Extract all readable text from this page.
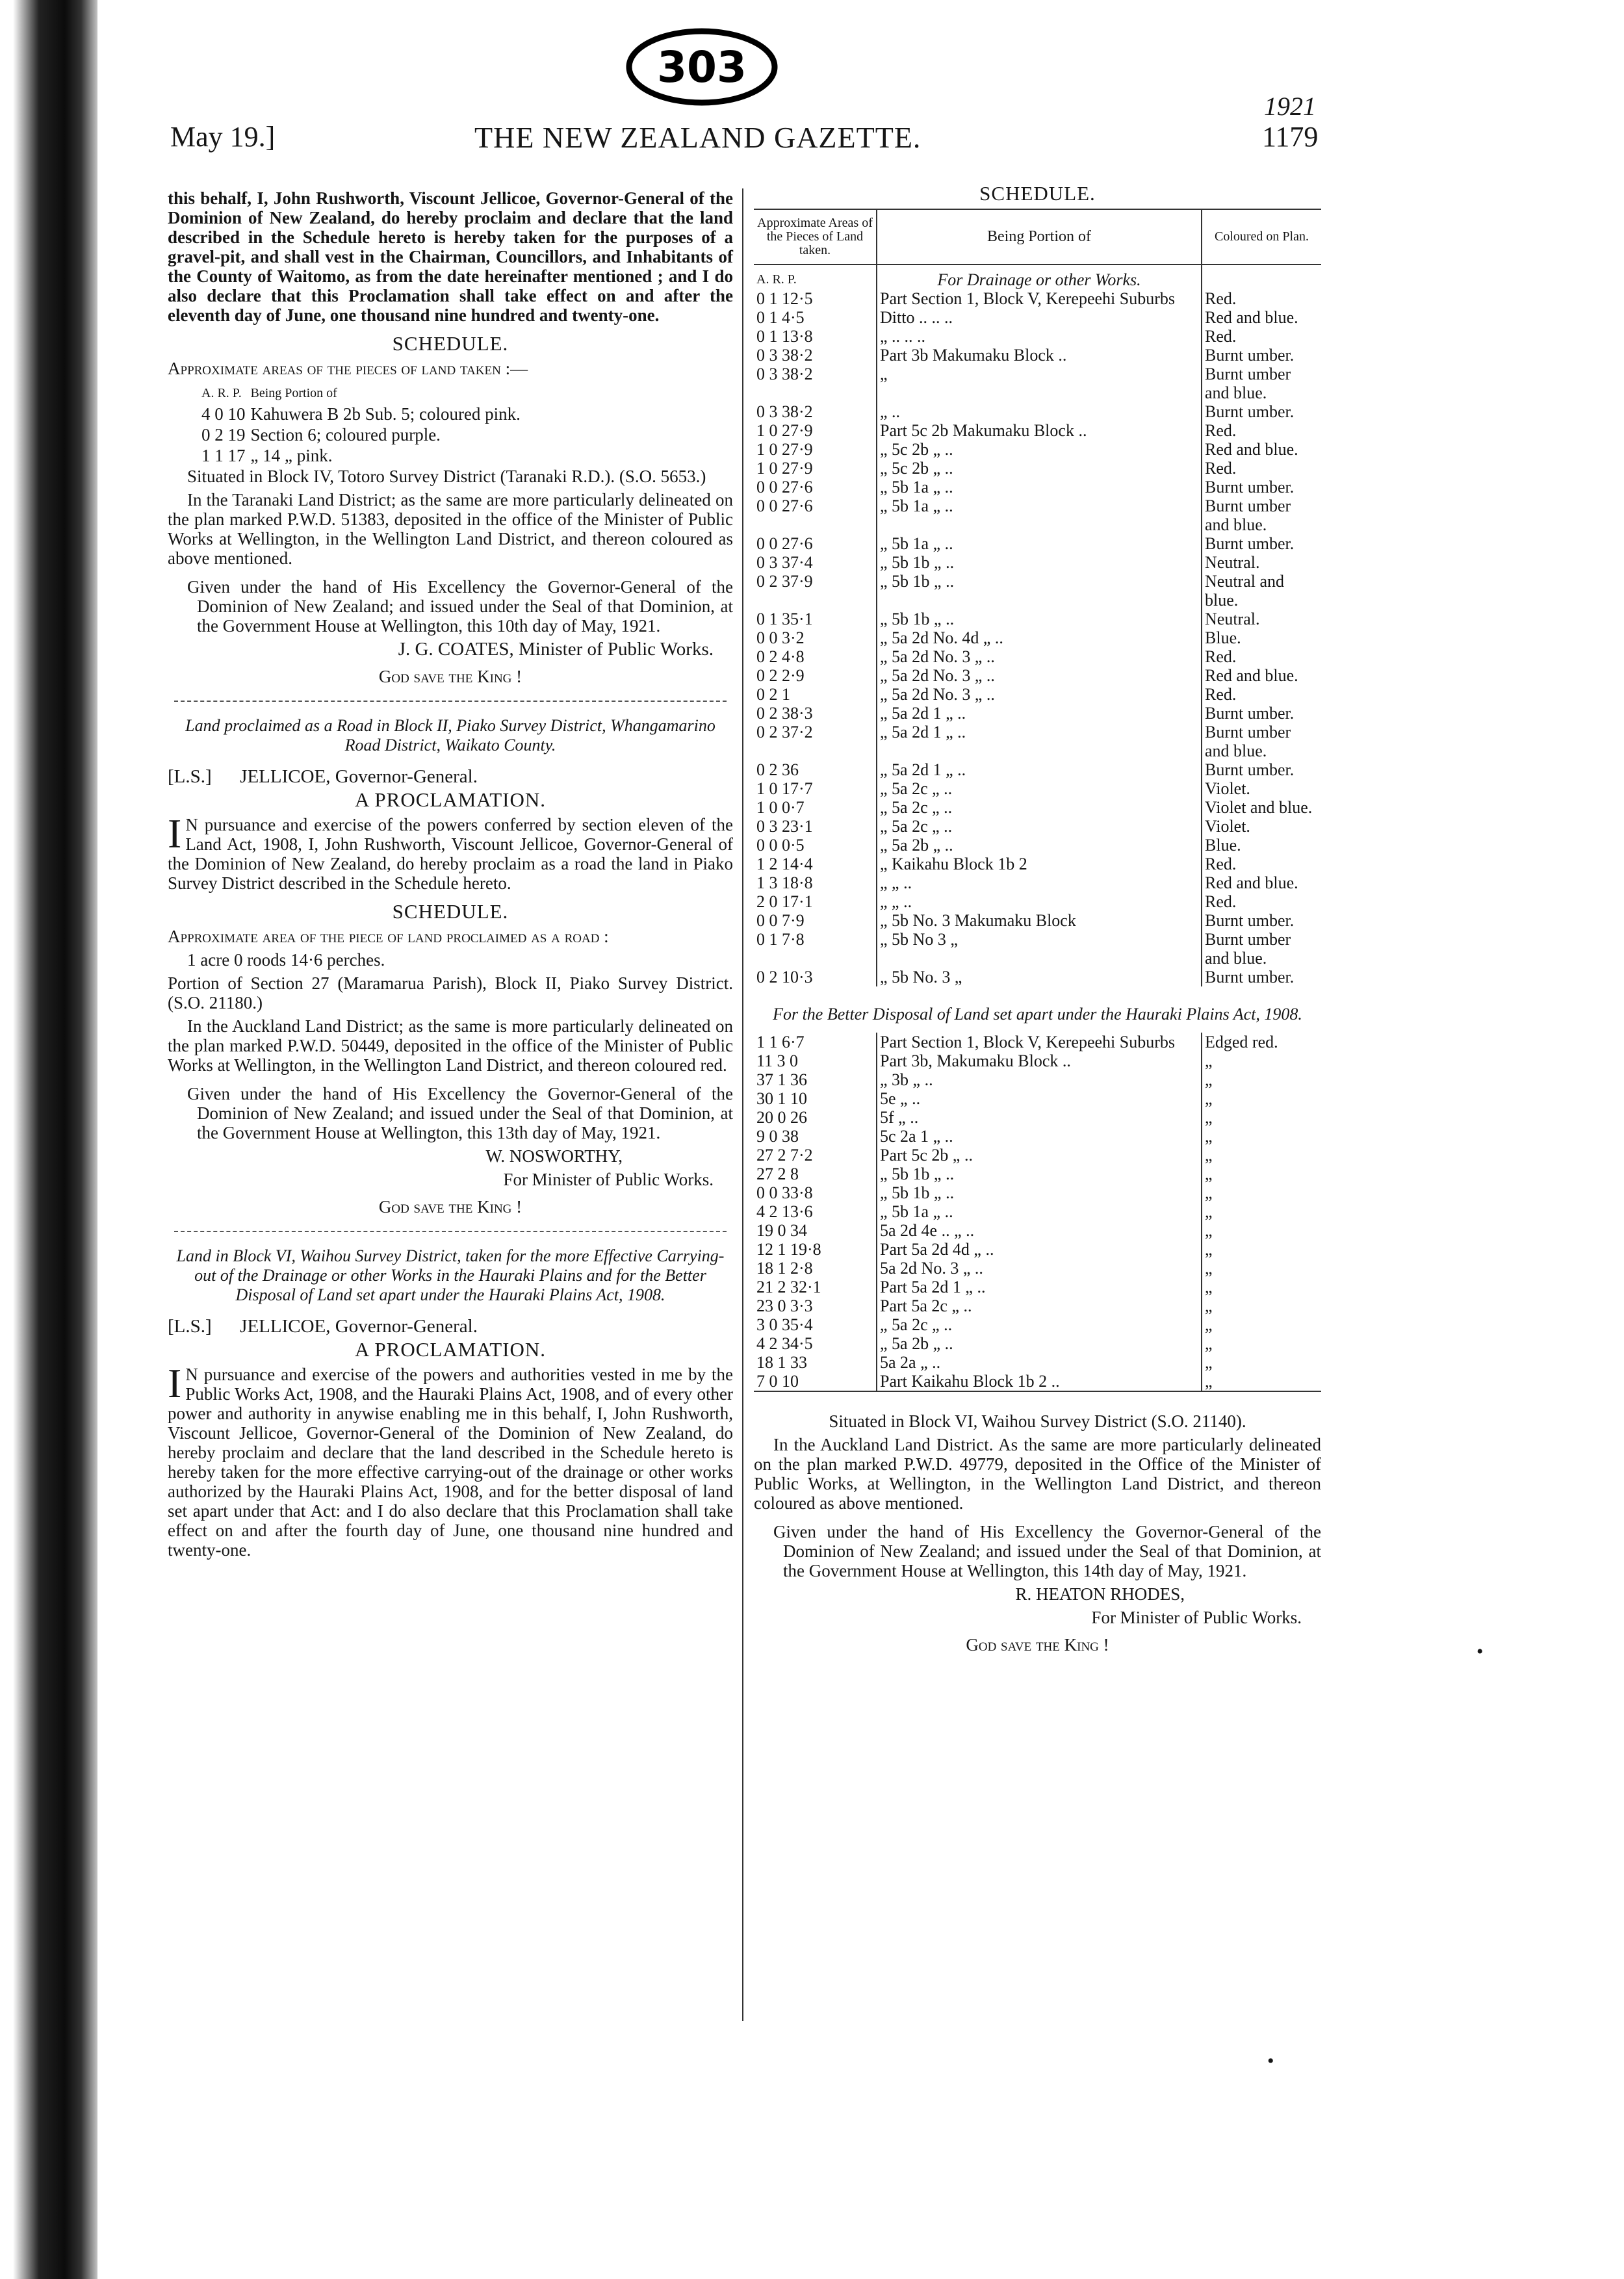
303
1921
May 19.]	THE NEW ZEALAND GAZETTE.	1179

this behalf, I, John Rushworth, Viscount Jellicoe, Governor-General of the Dominion of New Zealand, do hereby proclaim and declare that the land described in the Schedule hereto is hereby taken for the purposes of a gravel-pit, and shall vest in the Chairman, Councillors, and Inhabitants of the County of Waitomo, as from the date hereinafter mentioned ; and I do also declare that this Proclamation shall take effect on and after the eleventh day of June, one thousand nine hundred and twenty-one.

SCHEDULE.

Approximate areas of the pieces of land taken :—

A. R. P.	Being Portion of
4 0 10	Kahuwera B 2b Sub. 5; coloured pink.
0 2 19	Section 6; coloured purple.
1 1 17	„ 14 „ pink.

Situated in Block IV, Totoro Survey District (Taranaki R.D.). (S.O. 5653.)

In the Taranaki Land District; as the same are more particularly delineated on the plan marked P.W.D. 51383, deposited in the office of the Minister of Public Works at Wellington, in the Wellington Land District, and thereon coloured as above mentioned.

Given under the hand of His Excellency the Governor-General of the Dominion of New Zealand; and issued under the Seal of that Dominion, at the Government House at Wellington, this 10th day of May, 1921.

J. G. COATES, Minister of Public Works.

God save the King !

Land proclaimed as a Road in Block II, Piako Survey District, Whangamarino Road District, Waikato County.

[L.S.] JELLICOE, Governor-General.

A PROCLAMATION.

I N pursuance and exercise of the powers conferred by section eleven of the Land Act, 1908, I, John Rushworth, Viscount Jellicoe, Governor-General of the Dominion of New Zealand, do hereby proclaim as a road the land in Piako Survey District described in the Schedule hereto.

SCHEDULE.

Approximate area of the piece of land proclaimed as a road :

1 acre 0 roods 14·6 perches.

Portion of Section 27 (Maramarua Parish), Block II, Piako Survey District. (S.O. 21180.)

In the Auckland Land District; as the same is more particularly delineated on the plan marked P.W.D. 50449, deposited in the office of the Minister of Public Works at Wellington, in the Wellington Land District, and thereon coloured red.

Given under the hand of His Excellency the Governor-General of the Dominion of New Zealand; and issued under the Seal of that Dominion, at the Government House at Wellington, this 13th day of May, 1921.

W. NOSWORTHY,

For Minister of Public Works.

God save the King !

Land in Block VI, Waihou Survey District, taken for the more Effective Carrying-out of the Drainage or other Works in the Hauraki Plains and for the Better Disposal of Land set apart under the Hauraki Plains Act, 1908.

[L.S.] JELLICOE, Governor-General.

A PROCLAMATION.

I N pursuance and exercise of the powers and authorities vested in me by the Public Works Act, 1908, and the Hauraki Plains Act, 1908, and of every other power and authority in anywise enabling me in this behalf, I, John Rushworth, Viscount Jellicoe, Governor-General of the Dominion of New Zealand, do hereby proclaim and declare that the land described in the Schedule hereto is hereby taken for the more effective carrying-out of the drainage or other works authorized by the Hauraki Plains Act, 1908, and for the better disposal of land set apart under that Act: and I do also declare that this Proclamation shall take effect on and after the fourth day of June, one thousand nine hundred and twenty-one.

SCHEDULE.
Approximate Areas of the Pieces of Land taken.	Being Portion of	Coloured on Plan.
A. R. P.	For Drainage or other Works.	
0 1 12·5	Part Section 1, Block V, Kerepeehi Suburbs	Red.
0 1 4·5	Ditto .. .. ..	Red and blue.
0 1 13·8	„ .. .. ..	Red.
0 3 38·2	Part 3b Makumaku Block ..	Burnt umber.
0 3 38·2	„	Burnt umber and blue.
0 3 38·2	„ ..	Burnt umber.
1 0 27·9	Part 5c 2b Makumaku Block ..	Red.
1 0 27·9	„ 5c 2b „ ..	Red and blue.
1 0 27·9	„ 5c 2b „ ..	Red.
0 0 27·6	„ 5b 1a „ ..	Burnt umber.
0 0 27·6	„ 5b 1a „ ..	Burnt umber and blue.
0 0 27·6	„ 5b 1a „ ..	Burnt umber.
0 3 37·4	„ 5b 1b „ ..	Neutral.
0 2 37·9	„ 5b 1b „ ..	Neutral and blue.
0 1 35·1	„ 5b 1b „ ..	Neutral.
0 0 3·2	„ 5a 2d No. 4d „ ..	Blue.
0 2 4·8	„ 5a 2d No. 3 „ ..	Red.
0 2 2·9	„ 5a 2d No. 3 „ ..	Red and blue.
0 2 1	„ 5a 2d No. 3 „ ..	Red.
0 2 38·3	„ 5a 2d 1 „ ..	Burnt umber.
0 2 37·2	„ 5a 2d 1 „ ..	Burnt umber and blue.
0 2 36	„ 5a 2d 1 „ ..	Burnt umber.
1 0 17·7	„ 5a 2c „ ..	Violet.
1 0 0·7	„ 5a 2c „ ..	Violet and blue.
0 3 23·1	„ 5a 2c „ ..	Violet.
0 0 0·5	„ 5a 2b „ ..	Blue.
1 2 14·4	„ Kaikahu Block 1b 2	Red.
1 3 18·8	„ „ ..	Red and blue.
2 0 17·1	„ „ ..	Red.
0 0 7·9	„ 5b No. 3 Makumaku Block	Burnt umber.
0 1 7·8	„ 5b No 3 „	Burnt umber and blue.
0 2 10·3	„ 5b No. 3 „	Burnt umber.
For the Better Disposal of Land set apart under the Hauraki Plains Act, 1908.		
1 1 6·7	Part Section 1, Block V, Kerepeehi Suburbs	Edged red.
11 3 0	Part 3b, Makumaku Block ..	„
37 1 36	„ 3b „ ..	„
30 1 10	5e „ ..	„
20 0 26	5f „ ..	„
9 0 38	5c 2a 1 „ ..	„
27 2 7·2	Part 5c 2b „ ..	„
27 2 8	„ 5b 1b „ ..	„
0 0 33·8	„ 5b 1b „ ..	„
4 2 13·6	„ 5b 1a „ ..	„
19 0 34	5a 2d 4e .. „ ..	„
12 1 19·8	Part 5a 2d 4d „ ..	„
18 1 2·8	5a 2d No. 3 „ ..	„
21 2 32·1	Part 5a 2d 1 „ ..	„
23 0 3·3	Part 5a 2c „ ..	„
3 0 35·4	„ 5a 2c „ ..	„
4 2 34·5	„ 5a 2b „ ..	„
18 1 33	5a 2a „ ..	„
7 0 10	Part Kaikahu Block 1b 2 ..	„

Situated in Block VI, Waihou Survey District (S.O. 21140).

In the Auckland Land District. As the same are more particularly delineated on the plan marked P.W.D. 49779, deposited in the Office of the Minister of Public Works, at Wellington, in the Wellington Land District, and thereon coloured as above mentioned.

Given under the hand of His Excellency the Governor-General of the Dominion of New Zealand; and issued under the Seal of that Dominion, at the Government House at Wellington, this 14th day of May, 1921.

R. HEATON RHODES,

For Minister of Public Works.

God save the King !	•
•
